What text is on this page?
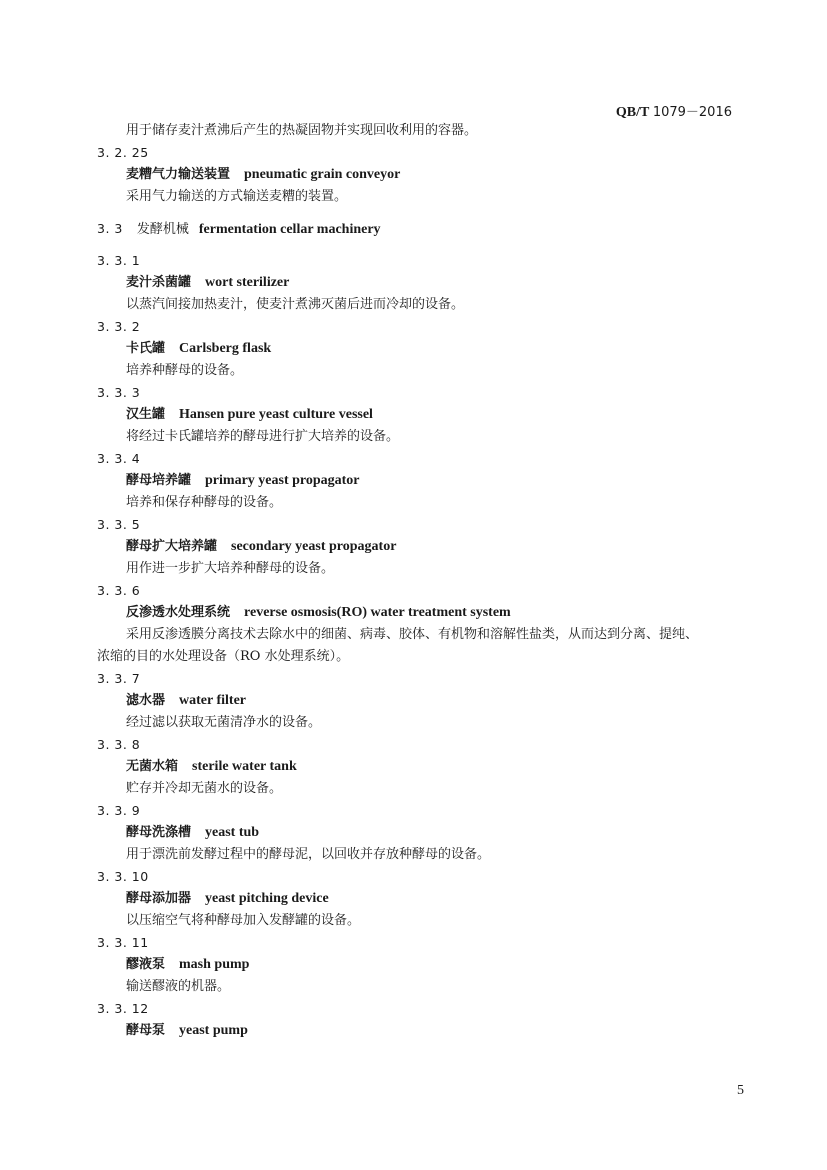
QB/T 1079－2016
用于储存麦汁煮沸后产生的热凝固物并实现回收利用的容器。
3. 2. 25
麦糟气力输送装置 pneumatic grain conveyor
采用气力输送的方式输送麦糟的装置。
3. 3 发酵机械 fermentation cellar machinery
3. 3. 1
麦汁杀菌罐 wort sterilizer
以蒸汽间接加热麦汁，使麦汁煮沸灭菌后进而冷却的设备。
3. 3. 2
卡氏罐 Carlsberg flask
培养种酵母的设备。
3. 3. 3
汉生罐 Hansen pure yeast culture vessel
将经过卡氏罐培养的酵母进行扩大培养的设备。
3. 3. 4
酵母培养罐 primary yeast propagator
培养和保存种酵母的设备。
3. 3. 5
酵母扩大培养罐 secondary yeast propagator
用作进一步扩大培养种酵母的设备。
3. 3. 6
反渗透水处理系统 reverse osmosis(RO) water treatment system
采用反渗透膜分离技术去除水中的细菌、病毒、胶体、有机物和溶解性盐类，从而达到分离、提纯、
浓缩的目的水处理设备（RO 水处理系统）。
3. 3. 7
滤水器 water filter
经过滤以获取无菌清净水的设备。
3. 3. 8
无菌水箱 sterile water tank
贮存并冷却无菌水的设备。
3. 3. 9
酵母洗涤槽 yeast tub
用于漂洗前发酵过程中的酵母泥，以回收并存放种酵母的设备。
3. 3. 10
酵母添加器 yeast pitching device
以压缩空气将种酵母加入发酵罐的设备。
3. 3. 11
醪液泵 mash pump
输送醪液的机器。
3. 3. 12
酵母泵 yeast pump
5
